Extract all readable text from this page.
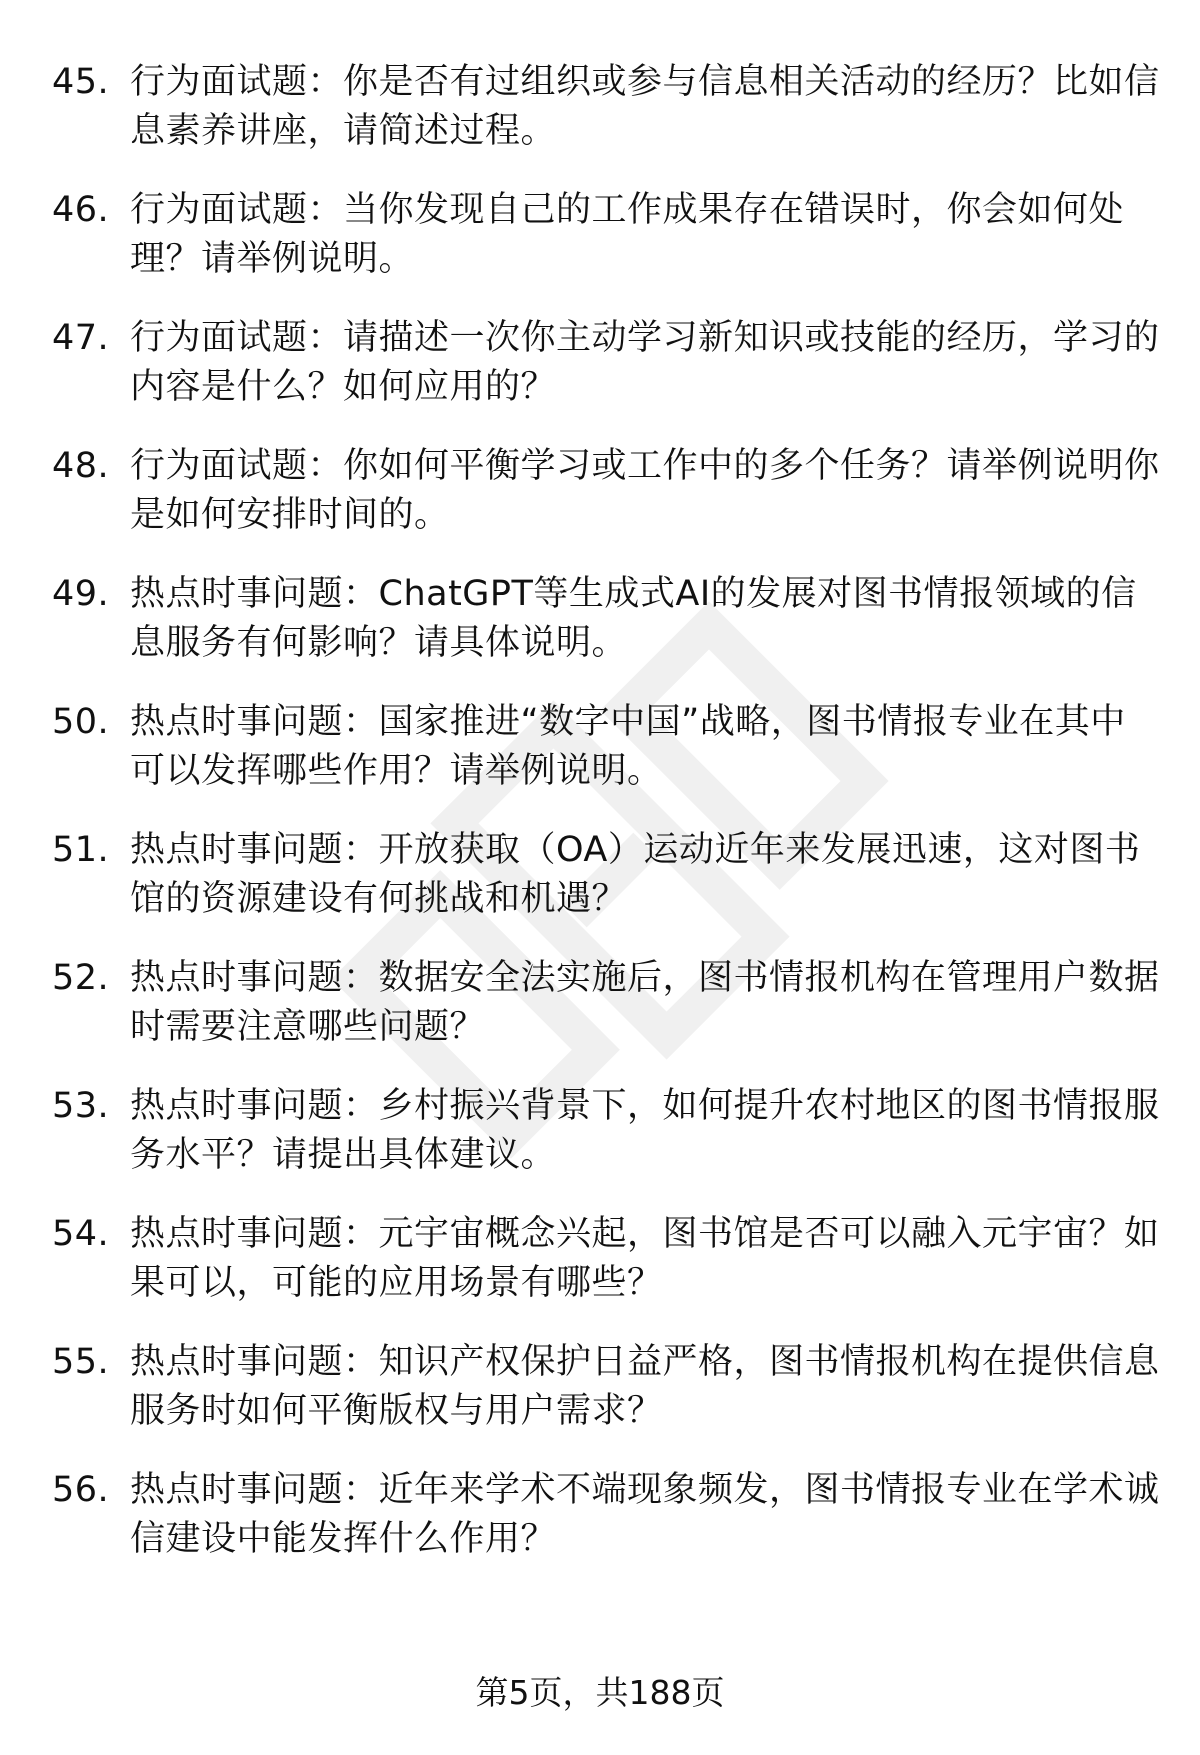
45. 行为面试题：你是否有过组织或参与信息相关活动的经历？比如信息素养讲座，请简述过程。
46. 行为面试题：当你发现自己的工作成果存在错误时，你会如何处理？请举例说明。
47. 行为面试题：请描述一次你主动学习新知识或技能的经历，学习的内容是什么？如何应用的？
48. 行为面试题：你如何平衡学习或工作中的多个任务？请举例说明你是如何安排时间的。
49. 热点时事问题：ChatGPT等生成式AI的发展对图书情报领域的信息服务有何影响？请具体说明。
50. 热点时事问题：国家推进“数字中国”战略，图书情报专业在其中可以发挥哪些作用？请举例说明。
51. 热点时事问题：开放获取（OA）运动近年来发展迅速，这对图书馆的资源建设有何挑战和机遇？
52. 热点时事问题：数据安全法实施后，图书情报机构在管理用户数据时需要注意哪些问题？
53. 热点时事问题：乡村振兴背景下，如何提升农村地区的图书情报服务水平？请提出具体建议。
54. 热点时事问题：元宇宙概念兴起，图书馆是否可以融入元宇宙？如果可以，可能的应用场景有哪些？
55. 热点时事问题：知识产权保护日益严格，图书情报机构在提供信息服务时如何平衡版权与用户需求？
56. 热点时事问题：近年来学术不端现象频发，图书情报专业在学术诚信建设中能发挥什么作用？
第5页，共188页
